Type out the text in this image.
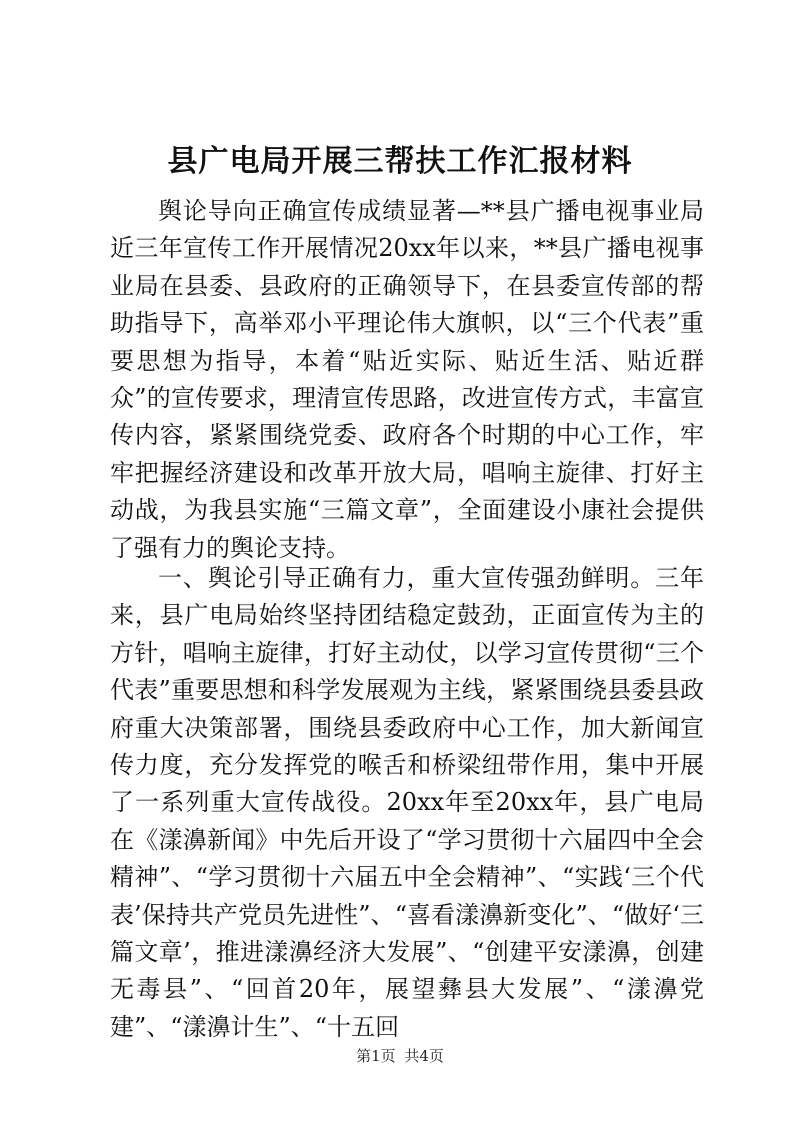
县广电局开展三帮扶工作汇报材料

舆论导向正确宣传成绩显著—**县广播电视事业局近三年宣传工作开展情况20xx年以来，**县广播电视事业局在县委、县政府的正确领导下，在县委宣传部的帮助指导下，高举邓小平理论伟大旗帜，以“三个代表”重要思想为指导，本着“贴近实际、贴近生活、贴近群众”的宣传要求，理清宣传思路，改进宣传方式，丰富宣传内容，紧紧围绕党委、政府各个时期的中心工作，牢牢把握经济建设和改革开放大局，唱响主旋律、打好主动战，为我县实施“三篇文章”，全面建设小康社会提供了强有力的舆论支持。

一、舆论引导正确有力，重大宣传强劲鲜明。三年来，县广电局始终坚持团结稳定鼓劲，正面宣传为主的方针，唱响主旋律，打好主动仗，以学习宣传贯彻“三个代表”重要思想和科学发展观为主线，紧紧围绕县委县政府重大决策部署，围绕县委政府中心工作，加大新闻宣传力度，充分发挥党的喉舌和桥梁纽带作用，集中开展了一系列重大宣传战役。20xx年至20xx年，县广电局在《漾濞新闻》中先后开设了“学习贯彻十六届四中全会精神”、“学习贯彻十六届五中全会精神”、“实践‘三个代表’保持共产党员先进性”、“喜看漾濞新变化”、“做好‘三篇文章’，推进漾濞经济大发展”、“创建平安漾濞，创建无毒县”、“回首20年，展望彝县大发展”、“漾濞党建”、“漾濞计生”、“十五回

第1页 共4页
